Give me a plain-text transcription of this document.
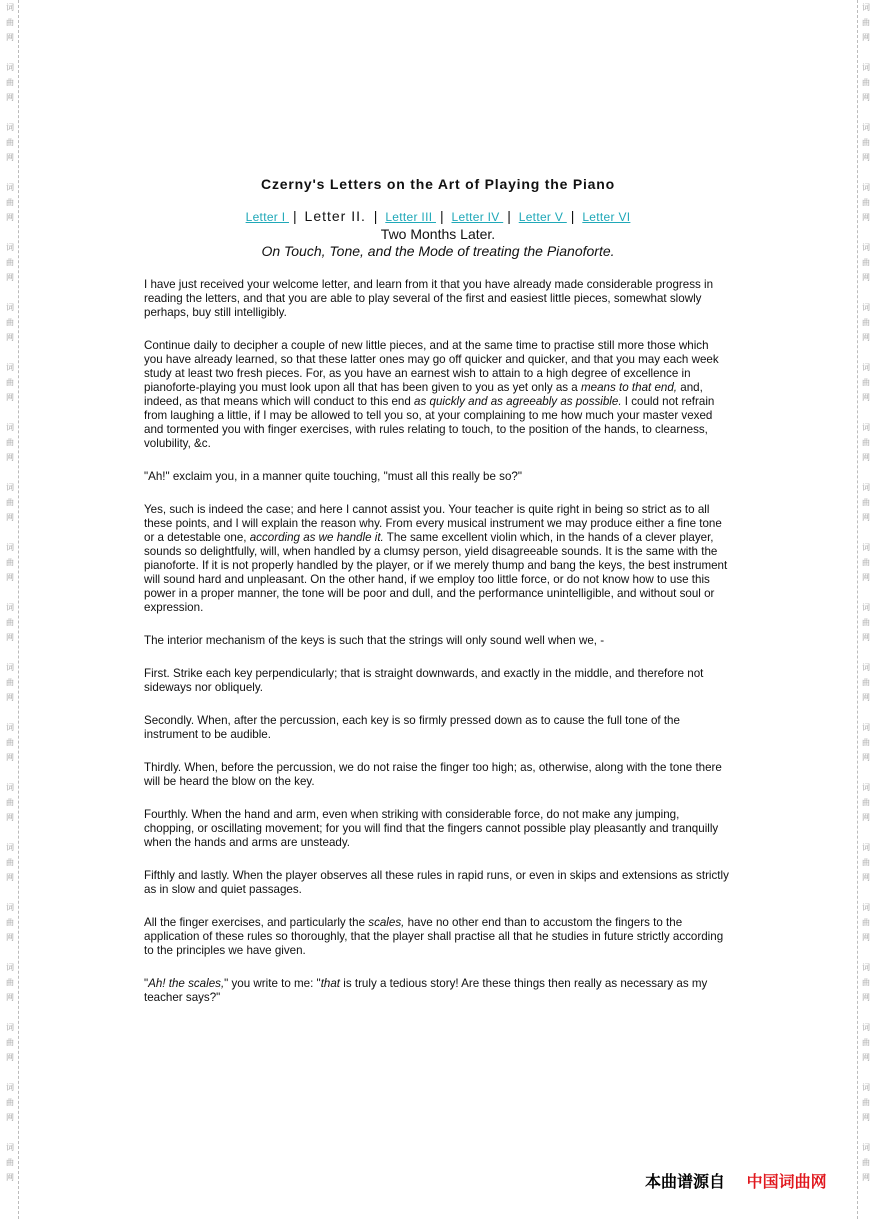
词
曲
网
词
曲
网
词
曲
网
词
曲
网
词
曲
网
词
曲
网
词
曲
网
词
曲
网
词
曲
网
词
曲
网
词
曲
网
词
曲
网
词
曲
网
词
曲
网
词
曲
网
词
曲
网
词
曲
网
词
曲
网
词
曲
网
词
曲
网
词
曲
网
词
曲
网
词
曲
网
词
曲
网
词
曲
网
词
曲
网
词
曲
网
词
曲
网
词
曲
网
词
曲
网
词
曲
网
词
曲
网
词
曲
网
词
曲
网
词
曲
网
词
曲
网
词
曲
网
词
曲
网
词
曲
网
词
曲
网
Czerny's Letters on the Art of Playing the Piano
Letter I | Letter II. | Letter III | Letter IV | Letter V | Letter VI
Two Months Later.
On Touch, Tone, and the Mode of treating the Pianoforte.

I have just received your welcome letter, and learn from it that you have already made considerable progress in reading the letters, and that you are able to play several of the first and easiest little pieces, somewhat slowly perhaps, buy still intelligibly.

Continue daily to decipher a couple of new little pieces, and at the same time to practise still more those which you have already learned, so that these latter ones may go off quicker and quicker, and that you may each week study at least two fresh pieces. For, as you have an earnest wish to attain to a high degree of excellence in pianoforte-playing you must look upon all that has been given to you as yet only as a means to that end, and, indeed, as that means which will conduct to this end as quickly and as agreeably as possible. I could not refrain from laughing a little, if I may be allowed to tell you so, at your complaining to me how much your master vexed and tormented you with finger exercises, with rules relating to touch, to the position of the hands, to clearness, volubility, &c.

"Ah!" exclaim you, in a manner quite touching, "must all this really be so?"

Yes, such is indeed the case; and here I cannot assist you. Your teacher is quite right in being so strict as to all these points, and I will explain the reason why. From every musical instrument we may produce either a fine tone or a detestable one, according as we handle it. The same excellent violin which, in the hands of a clever player, sounds so delightfully, will, when handled by a clumsy person, yield disagreeable sounds. It is the same with the pianoforte. If it is not properly handled by the player, or if we merely thump and bang the keys, the best instrument will sound hard and unpleasant. On the other hand, if we employ too little force, or do not know how to use this power in a proper manner, the tone will be poor and dull, and the performance unintelligible, and without soul or expression.

The interior mechanism of the keys is such that the strings will only sound well when we, -

First. Strike each key perpendicularly; that is straight downwards, and exactly in the middle, and therefore not sideways nor obliquely.

Secondly. When, after the percussion, each key is so firmly pressed down as to cause the full tone of the instrument to be audible.

Thirdly. When, before the percussion, we do not raise the finger too high; as, otherwise, along with the tone there will be heard the blow on the key.

Fourthly. When the hand and arm, even when striking with considerable force, do not make any jumping, chopping, or oscillating movement; for you will find that the fingers cannot possible play pleasantly and tranquilly when the hands and arms are unsteady.

Fifthly and lastly. When the player observes all these rules in rapid runs, or even in skips and extensions as strictly as in slow and quiet passages.

All the finger exercises, and particularly the scales, have no other end than to accustom the fingers to the application of these rules so thoroughly, that the player shall practise all that he studies in future strictly according to the principles we have given.

"Ah! the scales," you write to me: "that is truly a tedious story! Are these things then really as necessary as my teacher says?"

本曲谱源自 中国词曲网
